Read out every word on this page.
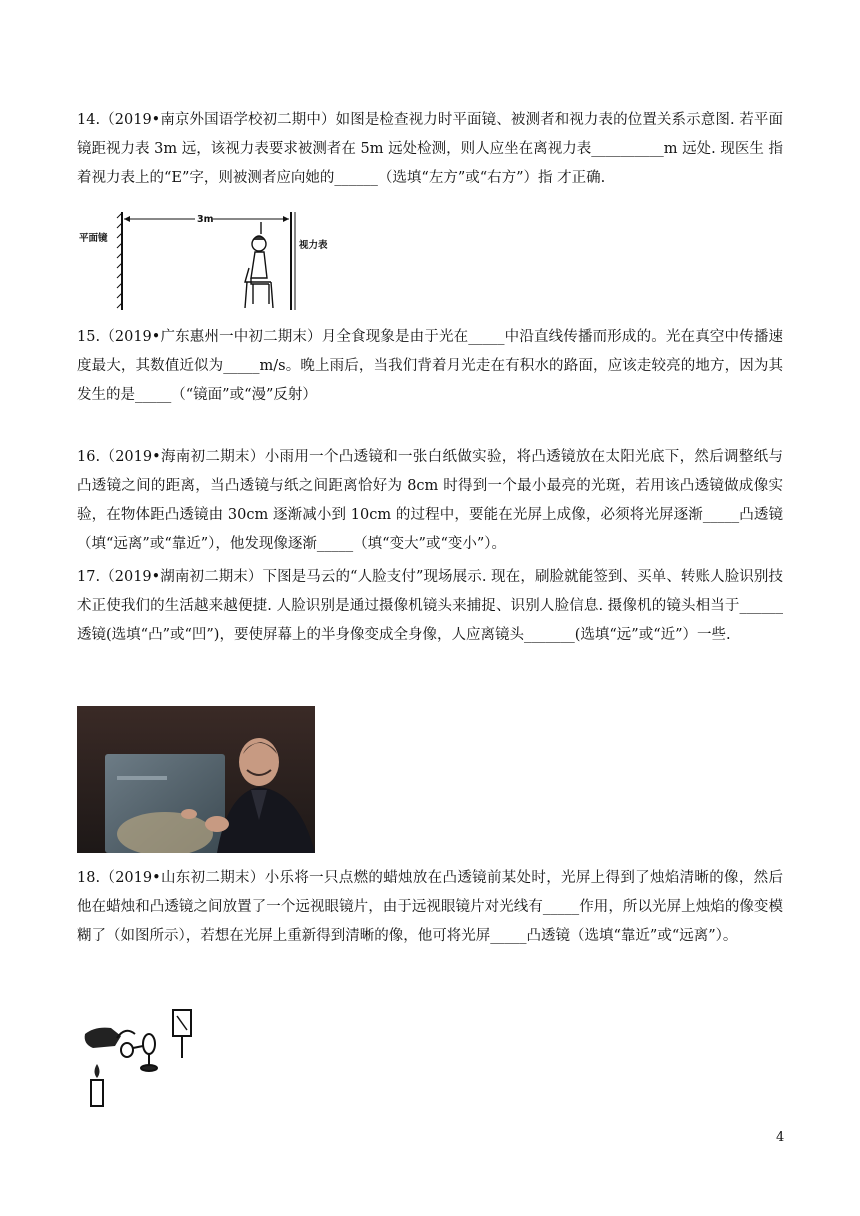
14.（2019•南京外国语学校初二期中）如图是检查视力时平面镜、被测者和视力表的位置关系示意图. 若平面镜距视力表 3m 远，该视力表要求被测者在 5m 远处检测，则人应坐在离视力表__________m 远处. 现医生 指着视力表上的“E”字，则被测者应向她的______（选填“左方”或“右方”）指 才正确.

平面镜
3m
视力表

15.（2019•广东惠州一中初二期末）月全食现象是由于光在_____中沿直线传播而形成的。光在真空中传播速度最大，其数值近似为_____m/s。晚上雨后，当我们背着月光走在有积水的路面，应该走较亮的地方，因为其发生的是_____（“镜面”或“漫”反射）

16.（2019•海南初二期末）小雨用一个凸透镜和一张白纸做实验，将凸透镜放在太阳光底下，然后调整纸与凸透镜之间的距离，当凸透镜与纸之间距离恰好为 8cm 时得到一个最小最亮的光斑，若用该凸透镜做成像实验，在物体距凸透镜由 30cm 逐渐减小到 10cm 的过程中，要能在光屏上成像，必须将光屏逐渐_____凸透镜（填“远离”或“靠近”），他发现像逐渐_____（填“变大”或“变小”）。

17.（2019•湖南初二期末）下图是马云的“人脸支付”现场展示. 现在，刷脸就能签到、买单、转账人脸识别技术正使我们的生活越来越便捷. 人脸识别是通过摄像机镜头来捕捉、识别人脸信息. 摄像机的镜头相当于______透镜(选填“凸”或“凹”)，要使屏幕上的半身像变成全身像，人应离镜头_______(选填“远”或“近”）一些.

18.（2019•山东初二期末）小乐将一只点燃的蜡烛放在凸透镜前某处时，光屏上得到了烛焰清晰的像，然后他在蜡烛和凸透镜之间放置了一个远视眼镜片，由于远视眼镜片对光线有_____作用，所以光屏上烛焰的像变模糊了（如图所示），若想在光屏上重新得到清晰的像，他可将光屏_____凸透镜（选填“靠近”或“远离”）。

4
